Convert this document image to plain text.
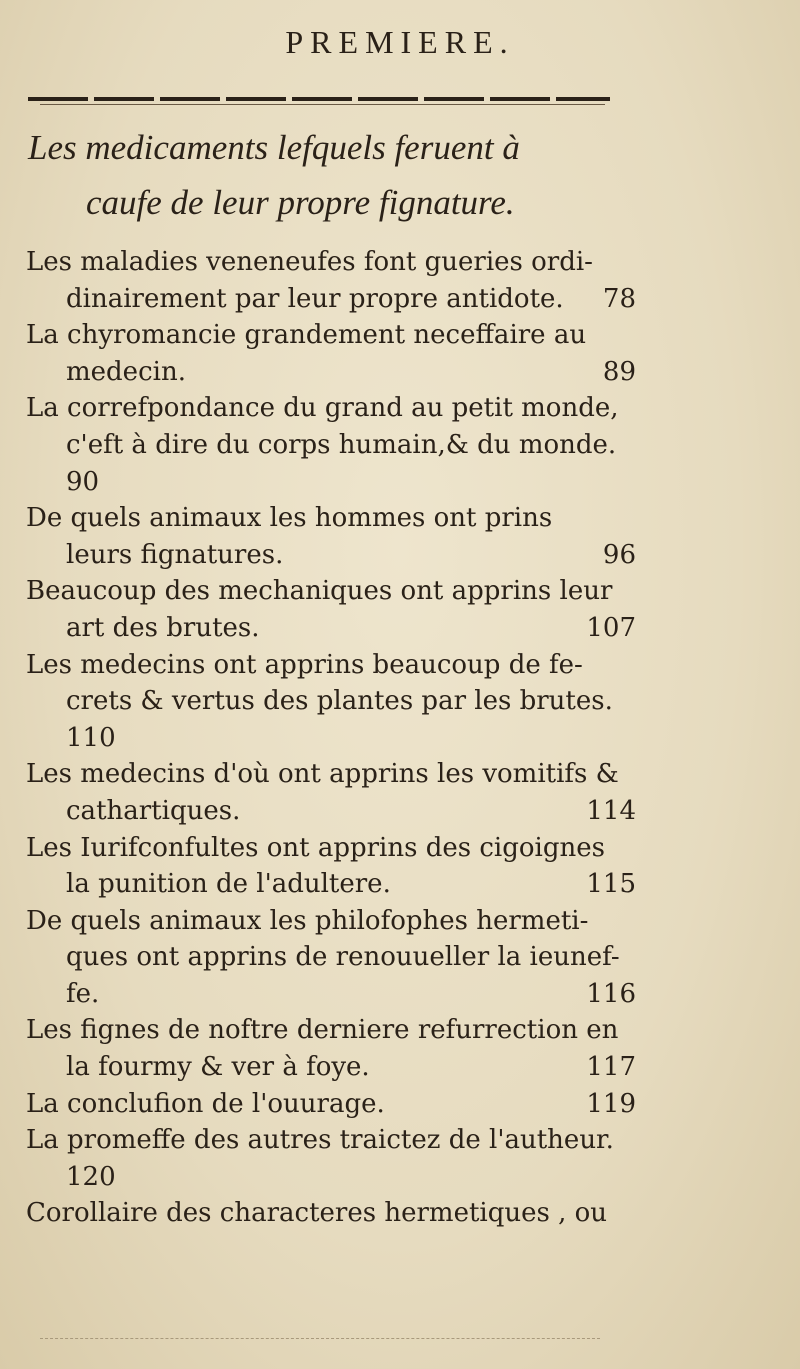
PREMIERE.
Les medicaments lefquels feruent à
caufe de leur propre fignature.
Les maladies veneneufes font gueries ordi-
dinairement par leur propre antidote. 78
La chyromancie grandement neceffaire au
medecin.	89
La correfpondance du grand au petit monde,
c'eft à dire du corps humain,& du monde.
90
De quels animaux les hommes ont prins
leurs fignatures.	96
Beaucoup des mechaniques ont apprins leur
art des brutes.	107
Les medecins ont apprins beaucoup de fe-
crets & vertus des plantes par les brutes.
110
Les medecins d'où ont apprins les vomitifs &
cathartiques.	114
Les Iurifconfultes ont apprins des cigoignes
la punition de l'adultere.	115
De quels animaux les philofophes hermeti-
ques ont apprins de renouueller la ieunef-
fe.	116
Les fignes de noftre derniere refurrection en
la fourmy & ver à foye.	117
La conclufion de l'ouurage.	119
La promeffe des autres traictez de l'autheur.
120
Corollaire des characteres hermetiques , ou
